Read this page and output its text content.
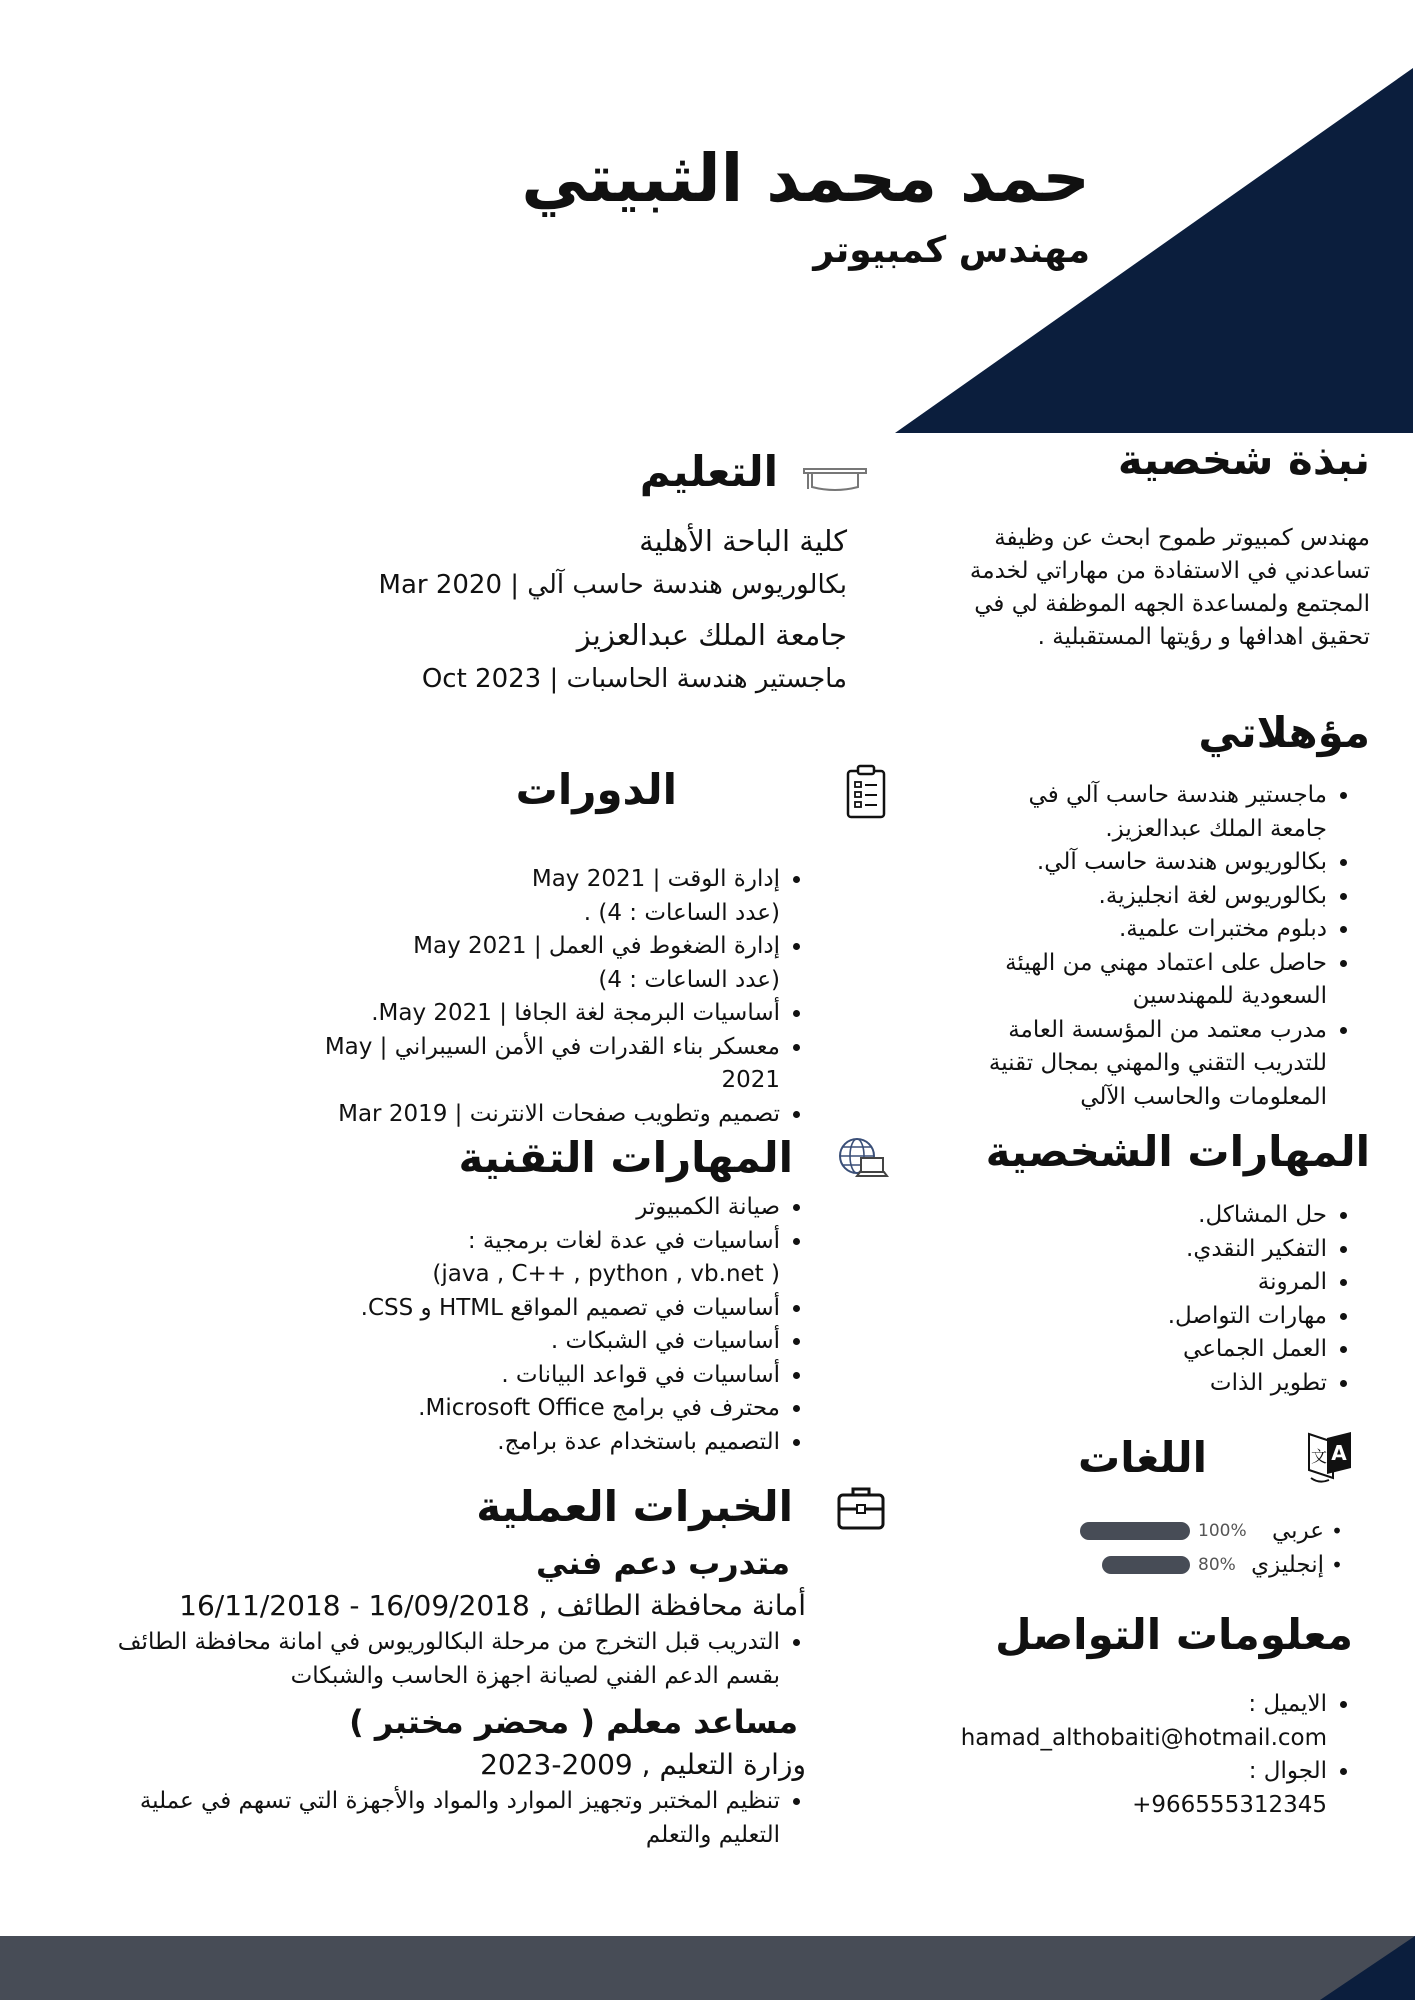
حمد محمد الثبيتي
مهندس كمبيوتر
نبذة شخصية
مهندس كمبيوتر طموح ابحث عن وظيفة
تساعدني في الاستفادة من مهاراتي لخدمة
المجتمع ولمساعدة الجهه الموظفة لي في
تحقيق اهدافها و رؤيتها المستقبلية .
مؤهلاتي
• ماجستير هندسة حاسب آلي في جامعة الملك عبدالعزيز.
• بكالوريوس هندسة حاسب آلي.
• بكالوريوس لغة انجليزية.
• دبلوم مختبرات علمية.
• حاصل على اعتماد مهني من الهيئة السعودية للمهندسين
• مدرب معتمد من المؤسسة العامة للتدريب التقني والمهني بمجال تقنية المعلومات والحاسب الآلي
المهارات الشخصية
• حل المشاكل.
• التفكير النقدي.
• المرونة
• مهارات التواصل.
• العمل الجماعي
• تطوير الذات
اللغات	A
文
100%	عربي •
80% إنجليزي •
معلومات التواصل
• الايميل :
hamad_althobaiti@hotmail.com
• الجوال :
+966555312345
التعليم
كلية الباحة الأهلية
بكالوريوس هندسة حاسب آلي | Mar 2020
جامعة الملك عبدالعزيز
ماجستير هندسة الحاسبات | Oct 2023
الدورات
• إدارة الوقت | May 2021
(عدد الساعات : 4) .
• إدارة الضغوط في العمل | May 2021
(عدد الساعات : 4)
• أساسيات البرمجة لغة الجافا | May 2021.
• معسكر بناء القدرات في الأمن السيبراني | May 2021
• تصميم وتطويب صفحات الانترنت | Mar 2019
المهارات التقنية
• صيانة الكمبيوتر
• أساسيات في عدة لغات برمجية :
( java , C++ , python , vb.net)
• أساسيات في تصميم المواقع HTML و CSS.
• أساسيات في الشبكات .
• أساسيات في قواعد البيانات .
• محترف في برامج Microsoft Office.
• التصميم باستخدام عدة برامج.
الخبرات العملية
متدرب دعم فني
أمانة محافظة الطائف , 16/09/2018 - 16/11/2018
• التدريب قبل التخرج من مرحلة البكالوريوس في امانة محافظة الطائف بقسم الدعم الفني لصيانة اجهزة الحاسب والشبكات
مساعد معلم ( محضر مختبر )
وزارة التعليم , 2009-2023
• تنظيم المختبر وتجهيز الموارد والمواد والأجهزة التي تسهم في عملية التعليم والتعلم
